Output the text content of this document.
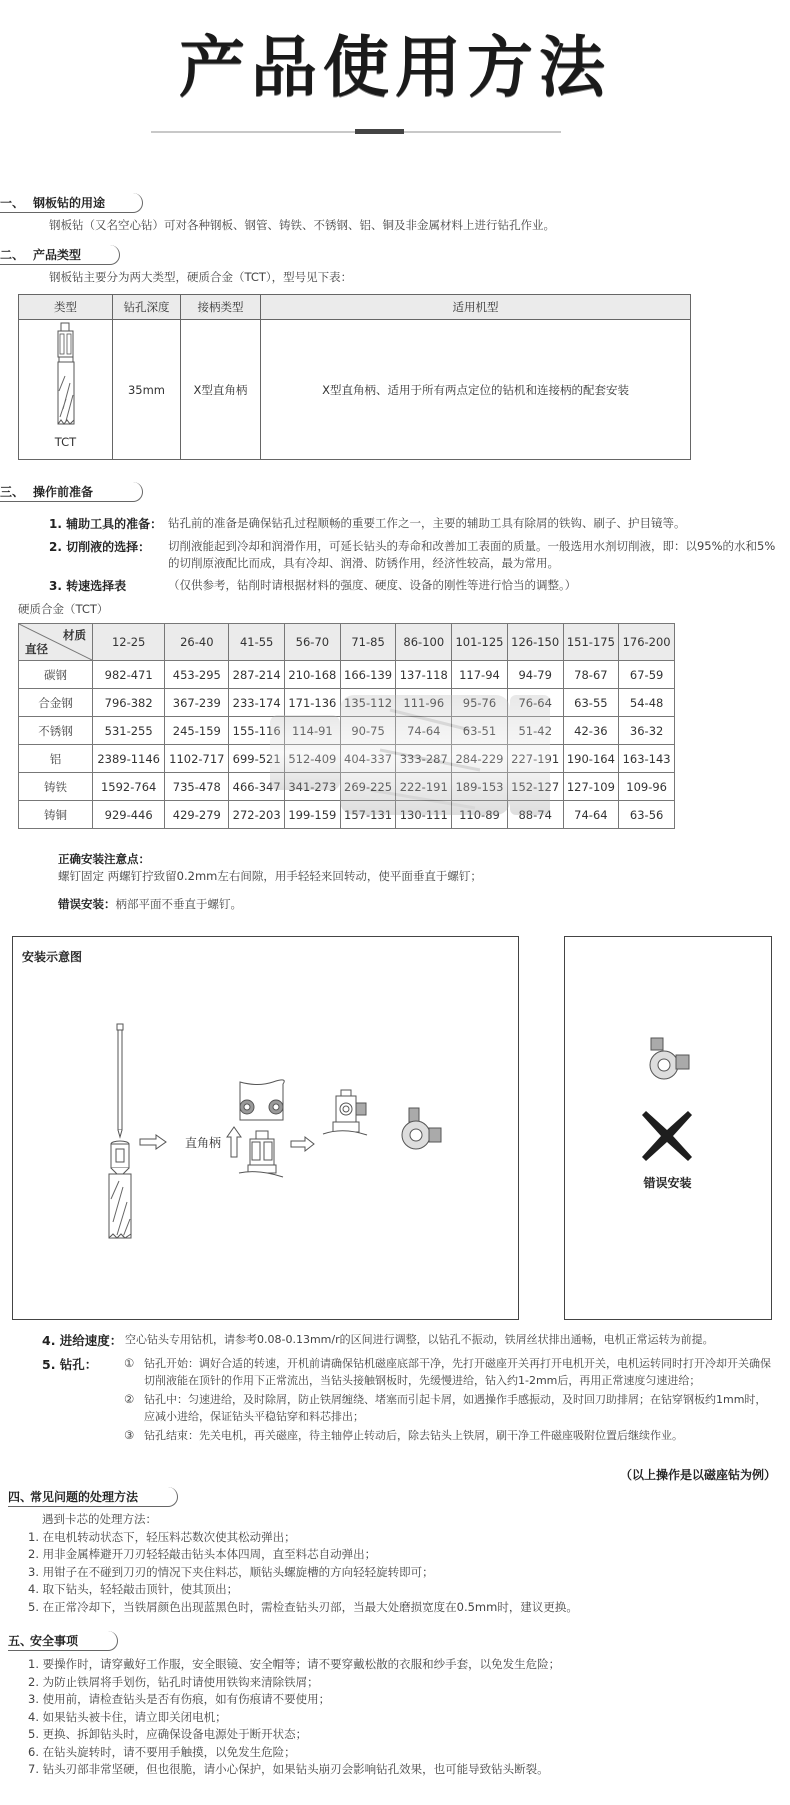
产品使用方法
一、 钢板钻的用途
钢板钻（又名空心钻）可对各种钢板、钢管、铸铁、不锈钢、铝、铜及非金属材料上进行钻孔作业。
二、 产品类型
钢板钻主要分为两大类型，硬质合金（TCT），型号见下表：
类型	钻孔深度	接柄类型	适用机型

TCT	35mm	X型直角柄	X型直角柄、适用于所有两点定位的钻机和连接柄的配套安装
三、 操作前准备
1. 辅助工具的准备： 钻孔前的准备是确保钻孔过程顺畅的重要工作之一，主要的辅助工具有除屑的铁钩、刷子、护目镜等。
2. 切削液的选择： 切削液能起到冷却和润滑作用，可延长钻头的寿命和改善加工表面的质量。一般选用水剂切削液，即：以95%的水和5%的切削原液配比而成，具有冷却、润滑、防锈作用，经济性较高，最为常用。
3. 转速选择表	（仅供参考，钻削时请根据材料的强度、硬度、设备的刚性等进行恰当的调整。）
硬质合金（TCT）
材质
直径	12-25	26-40	41-55	56-70	71-85	86-100	101-125	126-150	151-175	176-200
碳钢	982-471	453-295	287-214	210-168	166-139	137-118	117-94	94-79	78-67	67-59
合金钢	796-382	367-239	233-174	171-136	135-112	111-96	95-76	76-64	63-55	54-48
不锈钢	531-255	245-159	155-116	114-91	90-75	74-64	63-51	51-42	42-36	36-32
铝	2389-1146	1102-717	699-521	512-409	404-337	333-287	284-229	227-191	190-164	163-143
铸铁	1592-764	735-478	466-347	341-273	269-225	222-191	189-153	152-127	127-109	109-96
铸铜	929-446	429-279	272-203	199-159	157-131	130-111	110-89	88-74	74-64	63-56
正确安装注意点：
螺钉固定 两螺钉拧致留0.2mm左右间隙，用手轻轻来回转动，使平面垂直于螺钉；
错误安装：柄部平面不垂直于螺钉。
安装示意图
直角柄
错误安装
4. 进给速度： 空心钻头专用钻机，请参考0.08-0.13mm/r的区间进行调整，以钻孔不振动，铁屑丝状排出通畅，电机正常运转为前提。
5. 钻孔： ① 钻孔开始：调好合适的转速，开机前请确保钻机磁座底部干净，先打开磁座开关再打开电机开关，电机运转同时打开冷却开关确保切削液能在顶针的作用下正常流出，当钻头接触钢板时，先缓慢进给，钻入约1-2mm后，再用正常速度匀速进给；
② 钻孔中：匀速进给，及时除屑，防止铁屑缠绕、堵塞而引起卡屑，如遇操作手感振动，及时回刀助排屑；在钻穿钢板约1mm时，应减小进给，保证钻头平稳钻穿和料芯排出；
③ 钻孔结束：先关电机，再关磁座，待主轴停止转动后，除去钻头上铁屑，刷干净工件磁座吸附位置后继续作业。
（以上操作是以磁座钻为例）
四、
常见问题的处理方法
遇到卡芯的处理方法：
1. 在电机转动状态下，轻压料芯数次使其松动弹出；
2. 用非金属棒避开刀刃轻轻敲击钻头本体四周，直至料芯自动弹出；
3. 用钳子在不碰到刀刃的情况下夹住料芯，顺钻头螺旋槽的方向轻轻旋转即可；
4. 取下钻头，轻轻敲击顶针，使其顶出；
5. 在正常冷却下，当铁屑颜色出现蓝黑色时，需检查钻头刃部，当最大处磨损宽度在0.5mm时，建议更换。
五、
安全事项
1. 要操作时，请穿戴好工作服，安全眼镜、安全帽等；请不要穿戴松散的衣服和纱手套，以免发生危险；
2. 为防止铁屑将手划伤，钻孔时请使用铁钩来清除铁屑；
3. 使用前，请检查钻头是否有伤痕，如有伤痕请不要使用；
4. 如果钻头被卡住，请立即关闭电机；
5. 更换、拆卸钻头时，应确保设备电源处于断开状态；
6. 在钻头旋转时，请不要用手触摸，以免发生危险；
7. 钻头刃部非常坚硬，但也很脆，请小心保护，如果钻头崩刃会影响钻孔效果，也可能导致钻头断裂。
